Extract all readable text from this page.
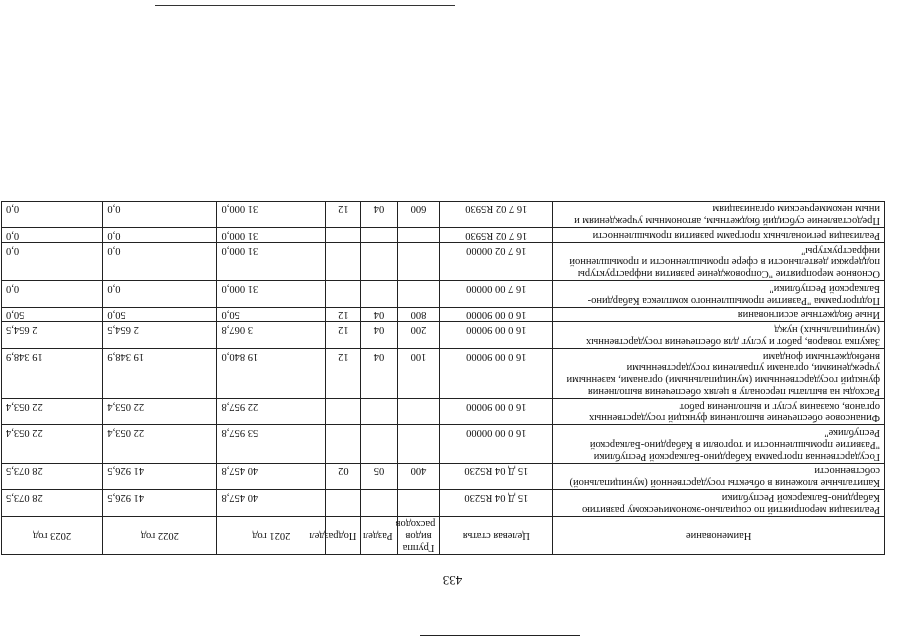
433
Наименование	Целевая статья	Группа видов расходов	Раздел	Подраздел	2021 год	2022 год	2023 год
Реализация мероприятий по социально-экономическому развитию Кабардино-Балкарской Республики	15 Д 04 R5230				40 457,8	41 926,5	28 073,5
Капитальные вложения в объекты государственной (муниципальной) собственности	15 Д 04 R5230	400	05	02	40 457,8	41 926,5	28 073,5
Государственная программа Кабардино-Балкарской Республики "Развитие промышленности и торговли в Кабардино-Балкарской Республике"	16 0 00 00000				53 957,8	22 053,4	22 053,4
Финансовое обеспечение выполнения функций государственных органов, оказания услуг и выполнения работ	16 0 00 90000				22 957,8	22 053,4	22 053,4
Расходы на выплаты персоналу в целях обеспечения выполнения функций государственными (муниципальными) органами, казенными учреждениями, органами управления государственными внебюджетными фондами	16 0 00 90000	100	04	12	19 840,0	19 348,9	19 348,9
Закупка товаров, работ и услуг для обеспечения государственных (муниципальных) нужд	16 0 00 90000	200	04	12	3 067,8	2 654,5	2 654,5
Иные бюджетные ассигнования	16 0 00 90000	800	04	12	50,0	50,0	50,0
Подпрограмма "Развитие промышленного комплекса Кабардино-Балкарской Республики"	16 7 00 00000				31 000,0	0,0	0,0
Основное мероприятие "Сопровождение развития инфраструктуры поддержки деятельности в сфере промышленности и промышленной инфраструктуры"	16 7 02 00000				31 000,0	0,0	0,0
Реализация региональных программ развития промышленности	16 7 02 R5930				31 000,0	0,0	0,0
Предоставление субсидий бюджетным, автономным учреждениям и иным некоммерческим организациям	16 7 02 R5930	600	04	12	31 000,0	0,0	0,0
